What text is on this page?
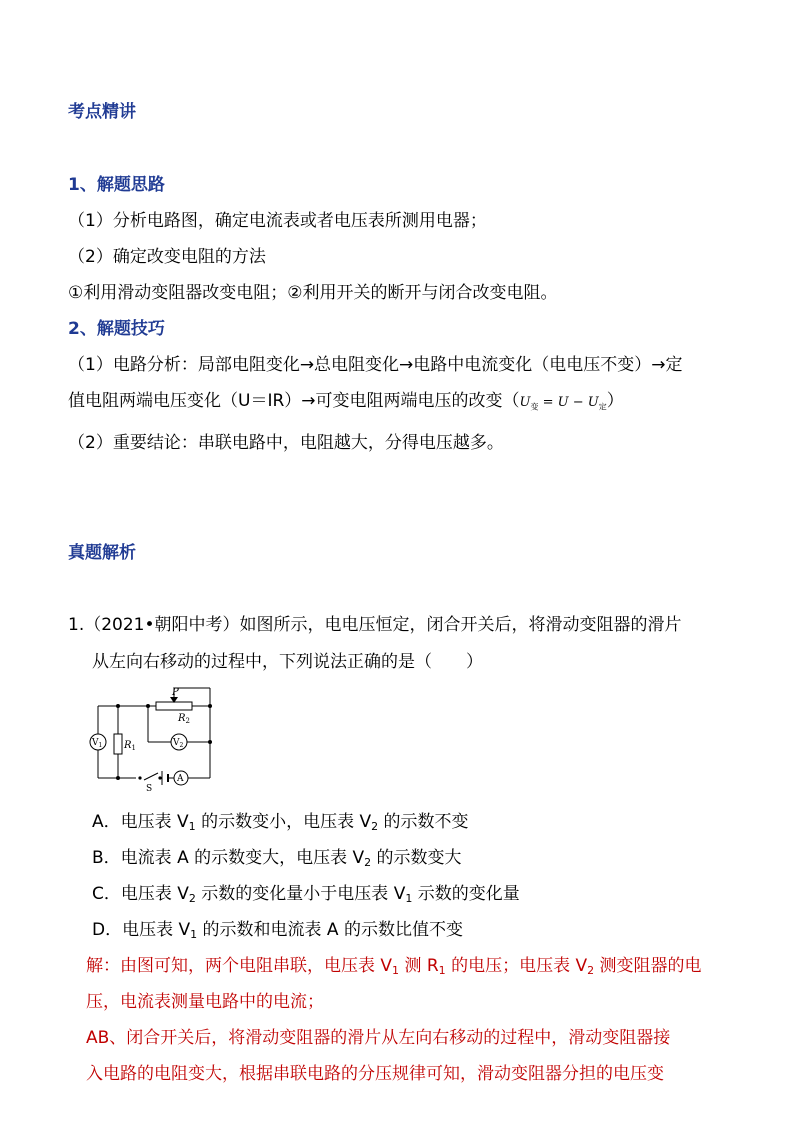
考点精讲
1、解题思路
（1）分析电路图，确定电流表或者电压表所测用电器；
（2）确定改变电阻的方法
①利用滑动变阻器改变电阻；②利用开关的断开与闭合改变电阻。
2、解题技巧
（1）电路分析：局部电阻变化→总电阻变化→电路中电流变化（电电压不变）→定
值电阻两端电压变化（U＝IR）→可变电阻两端电压的改变$(U_变 = U - U_定)$
（2）重要结论：串联电路中，电阻越大，分得电压越多。
真题解析
1.（2021•朝阳中考）如图所示，电电压恒定，闭合开关后，将滑动变阻器的滑片
从左向右移动的过程中，下列说法正确的是（　　）
P
$R_2$
$R_1$
$V_1$	$V_2$
A
S
A．电压表 $V_1$ 的示数变小，电压表 $V_2$ 的示数不变
B．电流表 A 的示数变大，电压表 $V_2$ 的示数变大
C．电压表 $V_2$ 示数的变化量小于电压表 $V_1$ 示数的变化量
D．电压表 $V_1$ 的示数和电流表 A 的示数比值不变
解：由图可知，两个电阻串联，电压表 $V_1$ 测 $R_1$ 的电压；电压表 $V_2$ 测变阻器的电
压，电流表测量电路中的电流；
AB、闭合开关后，将滑动变阻器的滑片从左向右移动的过程中，滑动变阻器接
入电路的电阻变大，根据串联电路的分压规律可知，滑动变阻器分担的电压变
